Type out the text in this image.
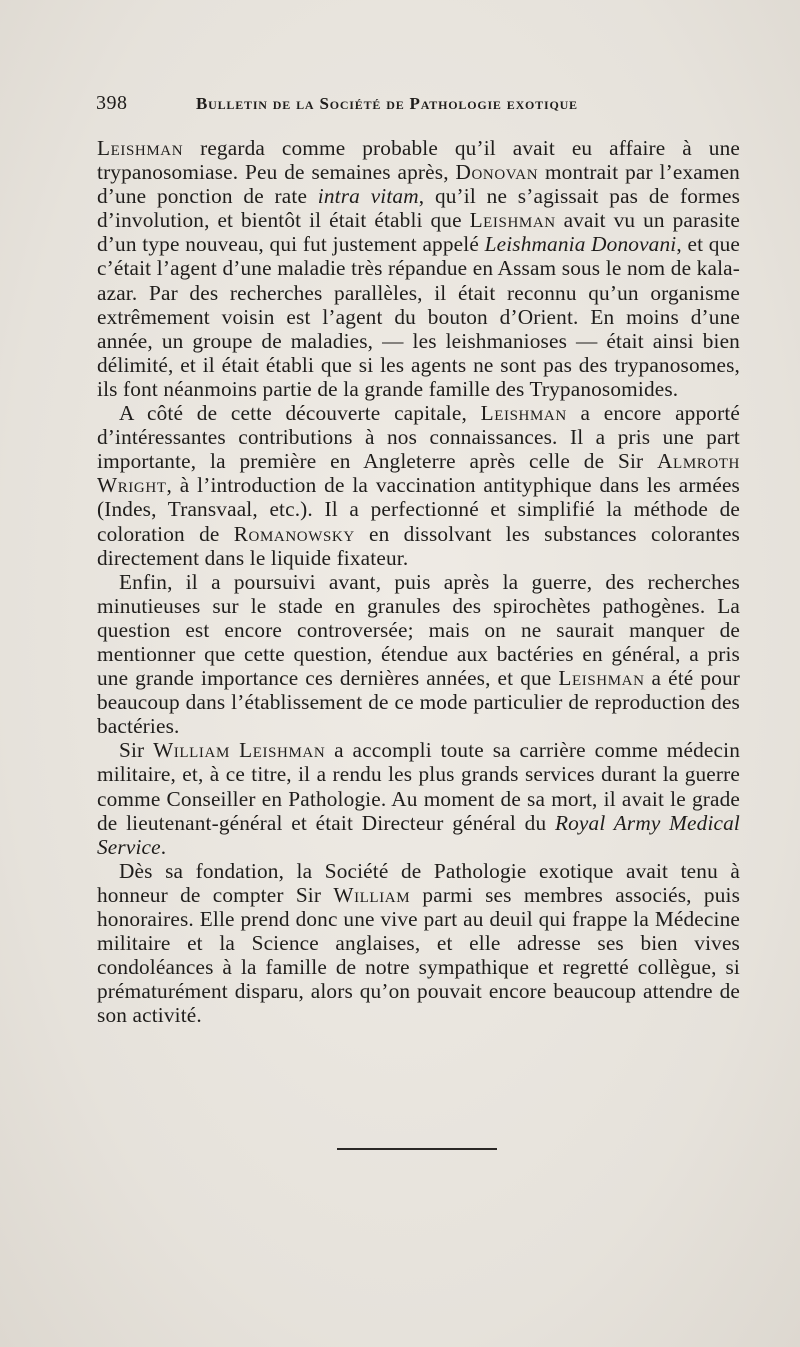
398	Bulletin de la Société de Pathologie exotique

Leishman regarda comme probable qu’il avait eu affaire à une trypanosomiase. Peu de semaines après, Donovan montrait par l’examen d’une ponction de rate intra vitam, qu’il ne s’agissait pas de formes d’involution, et bientôt il était établi que Leishman avait vu un parasite d’un type nouveau, qui fut justement appelé Leishmania Donovani, et que c’était l’agent d’une maladie très répandue en Assam sous le nom de kala-azar. Par des recherches parallèles, il était reconnu qu’un organisme extrêmement voisin est l’agent du bouton d’Orient. En moins d’une année, un groupe de maladies, — les leishmanioses — était ainsi bien délimité, et il était établi que si les agents ne sont pas des trypanosomes, ils font néanmoins partie de la grande famille des Trypanosomides.

A côté de cette découverte capitale, Leishman a encore apporté d’intéressantes contributions à nos connaissances. Il a pris une part importante, la première en Angleterre après celle de Sir Almroth Wright, à l’introduction de la vaccination antityphique dans les armées (Indes, Transvaal, etc.). Il a perfectionné et simplifié la méthode de coloration de Romanowsky en dissolvant les substances colorantes directement dans le liquide fixateur.

Enfin, il a poursuivi avant, puis après la guerre, des recherches minutieuses sur le stade en granules des spirochètes pathogènes. La question est encore controversée; mais on ne saurait manquer de mentionner que cette question, étendue aux bactéries en général, a pris une grande importance ces dernières années, et que Leishman a été pour beaucoup dans l’établissement de ce mode particulier de reproduction des bactéries.

Sir William Leishman a accompli toute sa carrière comme médecin militaire, et, à ce titre, il a rendu les plus grands services durant la guerre comme Conseiller en Pathologie. Au moment de sa mort, il avait le grade de lieutenant-général et était Directeur général du Royal Army Medical Service.

Dès sa fondation, la Société de Pathologie exotique avait tenu à honneur de compter Sir William parmi ses membres associés, puis honoraires. Elle prend donc une vive part au deuil qui frappe la Médecine militaire et la Science anglaises, et elle adresse ses bien vives condoléances à la famille de notre sympathique et regretté collègue, si prématurément disparu, alors qu’on pouvait encore beaucoup attendre de son activité.
